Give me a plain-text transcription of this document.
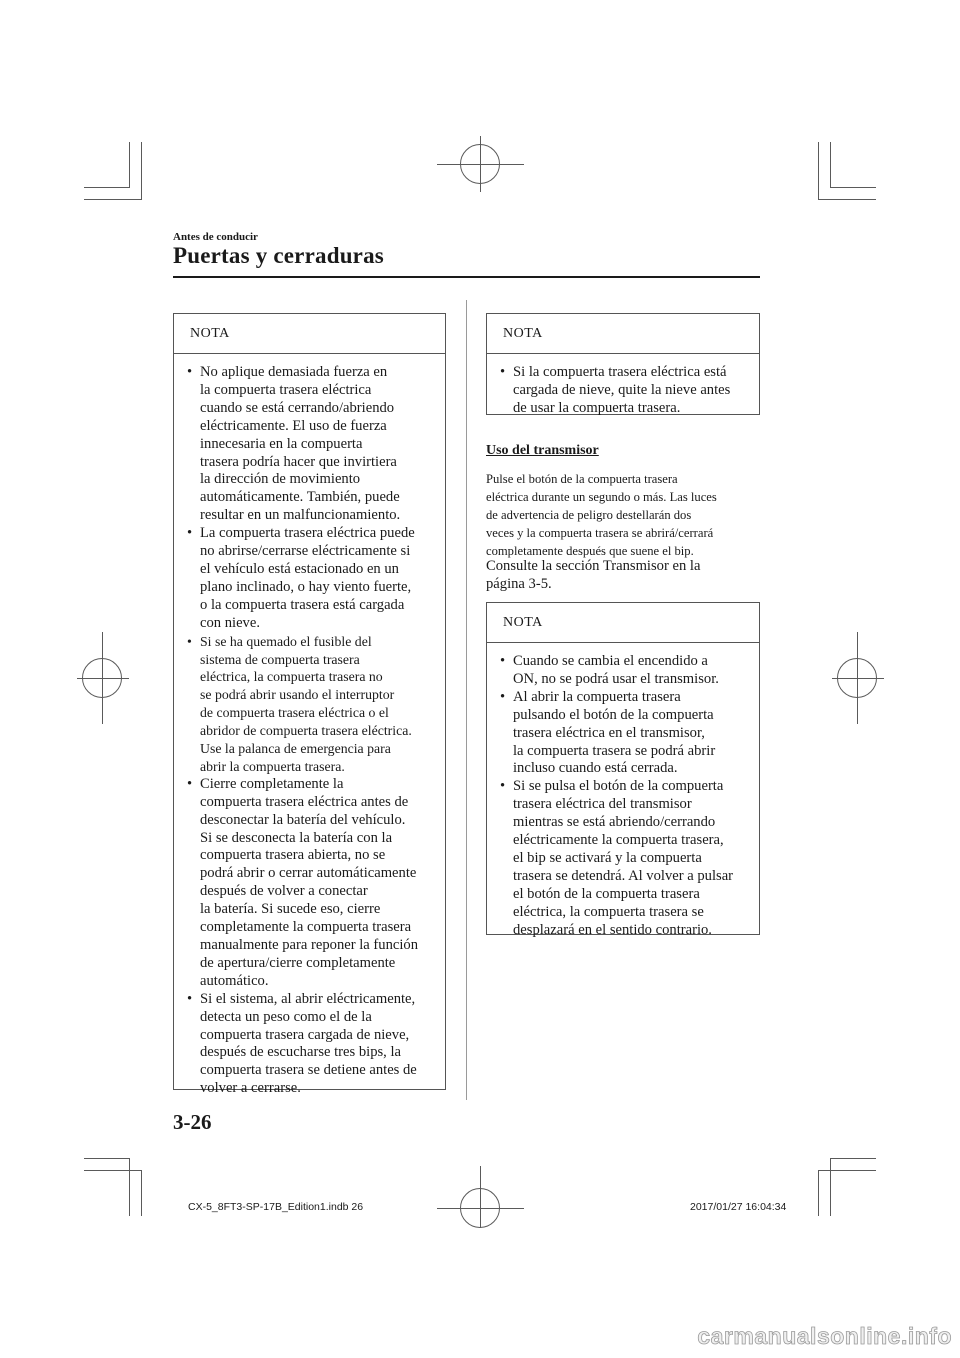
Antes de conducir
Puertas y cerraduras
NOTA
• No aplique demasiada fuerza en
la compuerta trasera eléctrica
cuando se está cerrando/abriendo
eléctricamente. El uso de fuerza
innecesaria en la compuerta
trasera podría hacer que invirtiera
la dirección de movimiento
automáticamente. También, puede
resultar en un malfuncionamiento.
• La compuerta trasera eléctrica puede
no abrirse/cerrarse eléctricamente si
el vehículo está estacionado en un
plano inclinado, o hay viento fuerte,
o la compuerta trasera está cargada
con nieve.
• Si se ha quemado el fusible del
sistema de compuerta trasera
eléctrica, la compuerta trasera no
se podrá abrir usando el interruptor
de compuerta trasera eléctrica o el
abridor de compuerta trasera eléctrica.
Use la palanca de emergencia para
abrir la compuerta trasera.
• Cierre completamente la
compuerta trasera eléctrica antes de
desconectar la batería del vehículo.
Si se desconecta la batería con la
compuerta trasera abierta, no se
podrá abrir o cerrar automáticamente
después de volver a conectar
la batería. Si sucede eso, cierre
completamente la compuerta trasera
manualmente para reponer la función
de apertura/cierre completamente
automático.
• Si el sistema, al abrir eléctricamente,
detecta un peso como el de la
compuerta trasera cargada de nieve,
después de escucharse tres bips, la
compuerta trasera se detiene antes de
volver a cerrarse.
NOTA
• Si la compuerta trasera eléctrica está
cargada de nieve, quite la nieve antes
de usar la compuerta trasera.
Uso del transmisor
Pulse el botón de la compuerta trasera
eléctrica durante un segundo o más. Las luces
de advertencia de peligro destellarán dos
veces y la compuerta trasera se abrirá/cerrará
completamente después que suene el bip.
Consulte la sección Transmisor en la
página 3-5.
NOTA
• Cuando se cambia el encendido a
ON, no se podrá usar el transmisor.
• Al abrir la compuerta trasera
pulsando el botón de la compuerta
trasera eléctrica en el transmisor,
la compuerta trasera se podrá abrir
incluso cuando está cerrada.
• Si se pulsa el botón de la compuerta
trasera eléctrica del transmisor
mientras se está abriendo/cerrando
eléctricamente la compuerta trasera,
el bip se activará y la compuerta
trasera se detendrá. Al volver a pulsar
el botón de la compuerta trasera
eléctrica, la compuerta trasera se
desplazará en el sentido contrario.
3-26
CX-5_8FT3-SP-17B_Edition1.indb 26	2017/01/27 16:04:34
carmanualsonline.info
